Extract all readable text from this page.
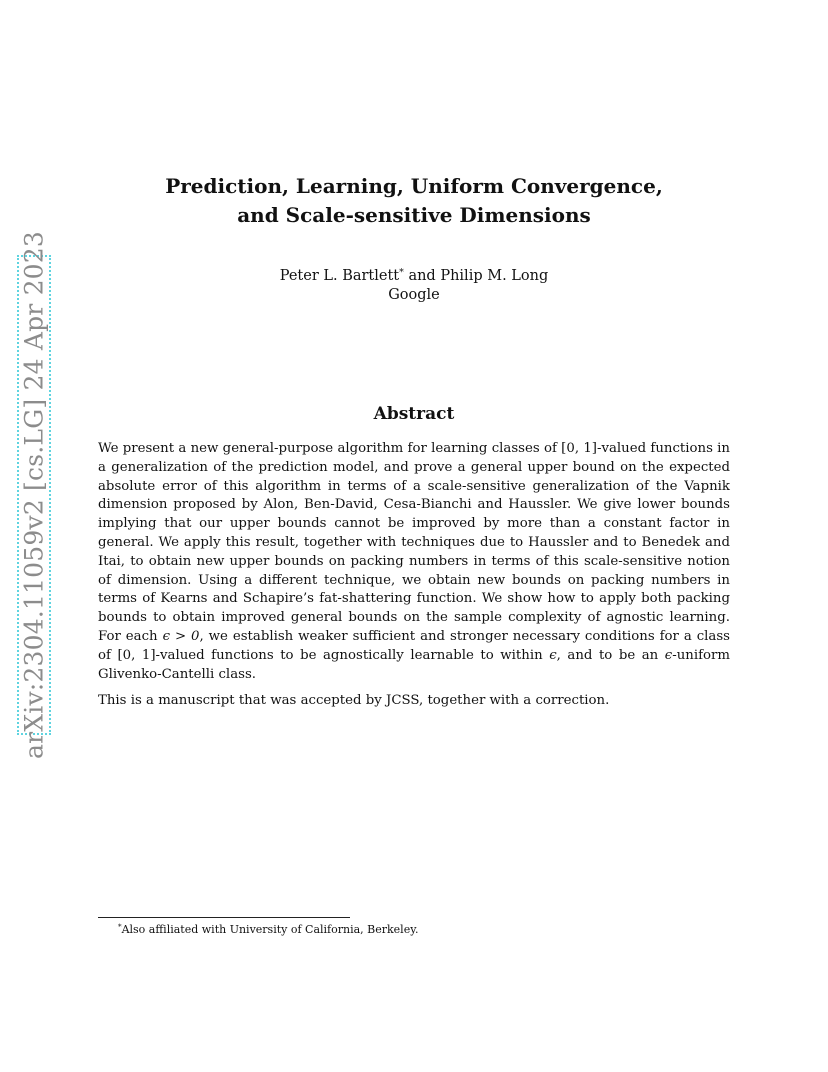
arXiv:2304.11059v2 [cs.LG] 24 Apr 2023
Prediction, Learning, Uniform Convergence,
and Scale-sensitive Dimensions
Peter L. Bartlett* and Philip M. Long
Google
Abstract

We present a new general-purpose algorithm for learning classes of [0, 1]-valued functions in a generalization of the prediction model, and prove a general upper bound on the expected absolute error of this algorithm in terms of a scale-sensitive generalization of the Vapnik dimension proposed by Alon, Ben-David, Cesa-Bianchi and Haussler. We give lower bounds implying that our upper bounds cannot be improved by more than a constant factor in general. We apply this result, together with techniques due to Haussler and to Benedek and Itai, to obtain new upper bounds on packing numbers in terms of this scale-sensitive notion of dimension. Using a different technique, we obtain new bounds on packing numbers in terms of Kearns and Schapire’s fat-shattering function. We show how to apply both packing bounds to obtain improved general bounds on the sample complexity of agnostic learning. For each ϵ > 0, we establish weaker sufficient and stronger necessary conditions for a class of [0, 1]-valued functions to be agnostically learnable to within ϵ, and to be an ϵ-uniform Glivenko-Cantelli class.

This is a manuscript that was accepted by JCSS, together with a correction.

*Also affiliated with University of California, Berkeley.
